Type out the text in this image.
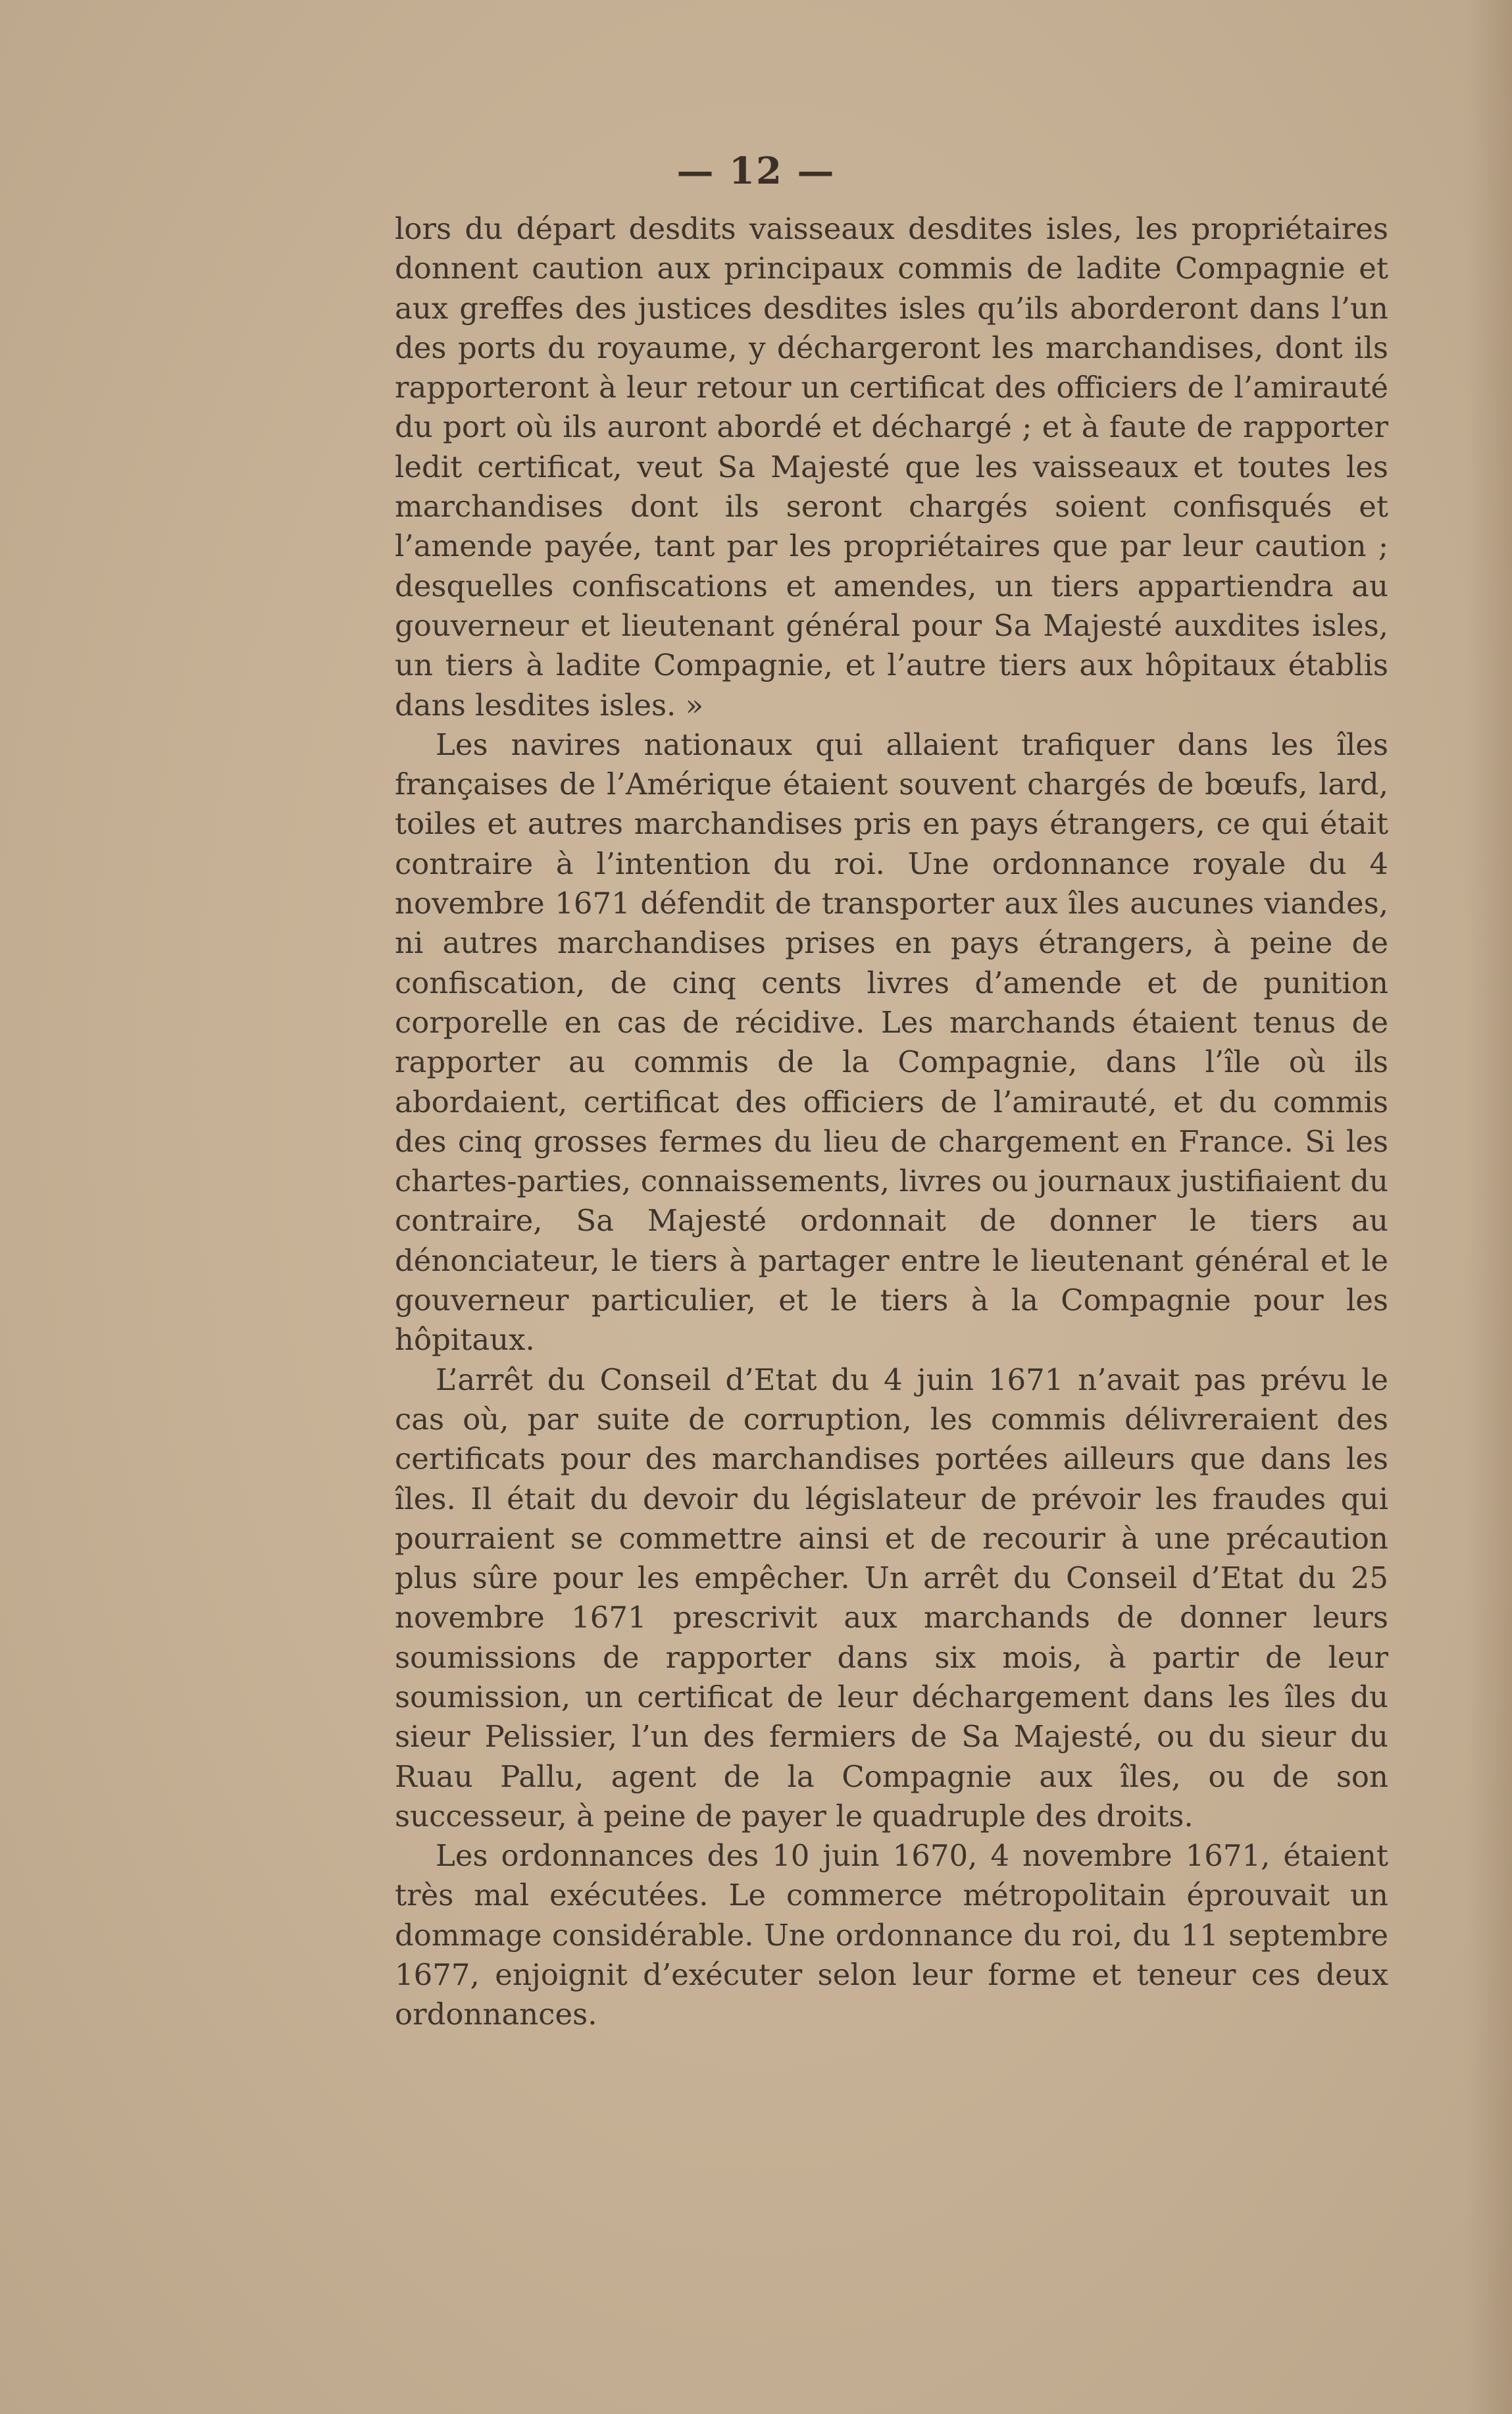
— 12 —

lors du départ desdits vaisseaux desdites isles, les propriétaires donnent caution aux principaux commis de ladite Compagnie et aux greffes des justices desdites isles qu’ils aborderont dans l’un des ports du royaume, y déchargeront les marchandises, dont ils rapporteront à leur retour un certificat des officiers de l’amirauté du port où ils auront abordé et déchargé ; et à faute de rapporter ledit certificat, veut Sa Majesté que les vaisseaux et toutes les marchandises dont ils seront chargés soient confisqués et l’amende payée, tant par les propriétaires que par leur caution ; desquelles confiscations et amendes, un tiers appartiendra au gouverneur et lieutenant général pour Sa Majesté auxdites isles, un tiers à ladite Compagnie, et l’autre tiers aux hôpitaux établis dans lesdites isles. »

Les navires nationaux qui allaient trafiquer dans les îles françaises de l’Amérique étaient souvent chargés de bœufs, lard, toiles et autres marchandises pris en pays étrangers, ce qui était contraire à l’intention du roi. Une ordonnance royale du 4 novembre 1671 défendit de transporter aux îles aucunes viandes, ni autres marchandises prises en pays étrangers, à peine de confiscation, de cinq cents livres d’amende et de punition corporelle en cas de récidive. Les marchands étaient tenus de rapporter au commis de la Compagnie, dans l’île où ils abordaient, certificat des officiers de l’amirauté, et du commis des cinq grosses fermes du lieu de chargement en France. Si les chartes-parties, connaissements, livres ou journaux justifiaient du contraire, Sa Majesté ordonnait de donner le tiers au dénonciateur, le tiers à partager entre le lieutenant général et le gouverneur particulier, et le tiers à la Compagnie pour les hôpitaux.

L’arrêt du Conseil d’Etat du 4 juin 1671 n’avait pas prévu le cas où, par suite de corruption, les commis délivreraient des certificats pour des marchandises portées ailleurs que dans les îles. Il était du devoir du législateur de prévoir les fraudes qui pourraient se commettre ainsi et de recourir à une précaution plus sûre pour les empêcher. Un arrêt du Conseil d’Etat du 25 novembre 1671 prescrivit aux marchands de donner leurs soumissions de rapporter dans six mois, à partir de leur soumission, un certificat de leur déchargement dans les îles du sieur Pelissier, l’un des fermiers de Sa Majesté, ou du sieur du Ruau Pallu, agent de la Compagnie aux îles, ou de son successeur, à peine de payer le quadruple des droits.

Les ordonnances des 10 juin 1670, 4 novembre 1671, étaient très mal exécutées. Le commerce métropolitain éprouvait un dommage considérable. Une ordonnance du roi, du 11 septembre 1677, enjoignit d’exécuter selon leur forme et teneur ces deux ordonnances.
